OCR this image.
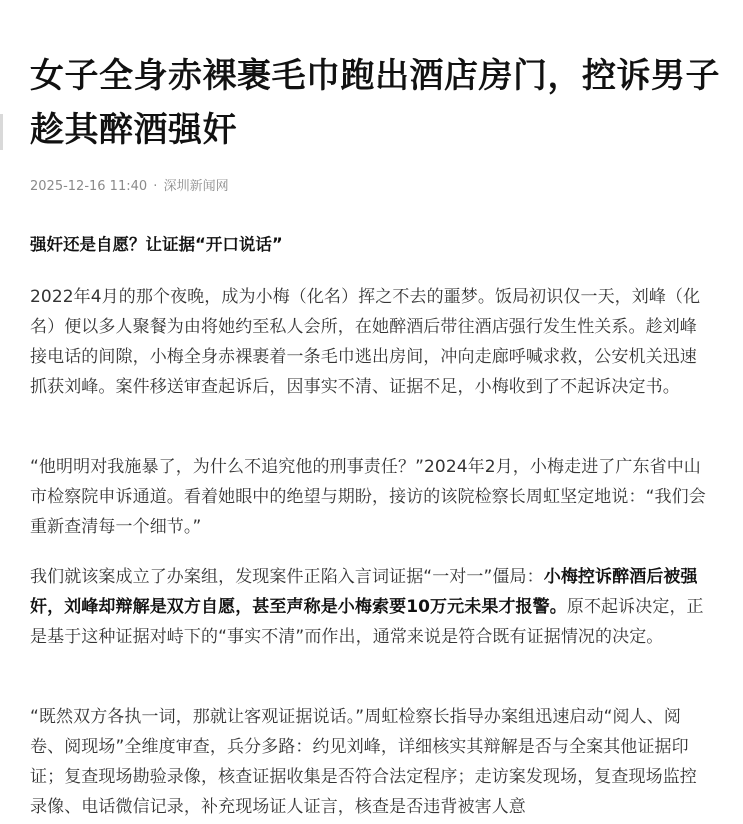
女子全身赤裸裹毛巾跑出酒店房门，控诉男子趁其醉酒强奸
2025-12-16 11:40 · 深圳新闻网
强奸还是自愿？让证据“开口说话”

2022年4月的那个夜晚，成为小梅（化名）挥之不去的噩梦。饭局初识仅一天，刘峰（化名）便以多人聚餐为由将她约至私人会所，在她醉酒后带往酒店强行发生性关系。趁刘峰接电话的间隙，小梅全身赤裸裹着一条毛巾逃出房间，冲向走廊呼喊求救，公安机关迅速抓获刘峰。案件移送审查起诉后，因事实不清、证据不足，小梅收到了不起诉决定书。

“他明明对我施暴了，为什么不追究他的刑事责任？”2024年2月，小梅走进了广东省中山市检察院申诉通道。看着她眼中的绝望与期盼，接访的该院检察长周虹坚定地说：“我们会重新查清每一个细节。”

我们就该案成立了办案组，发现案件正陷入言词证据“一对一”僵局：小梅控诉醉酒后被强奸，刘峰却辩解是双方自愿，甚至声称是小梅索要10万元未果才报警。原不起诉决定，正是基于这种证据对峙下的“事实不清”而作出，通常来说是符合既有证据情况的决定。

“既然双方各执一词，那就让客观证据说话。”周虹检察长指导办案组迅速启动“阅人、阅卷、阅现场”全维度审查，兵分多路：约见刘峰，详细核实其辩解是否与全案其他证据印证；复查现场勘验录像，核查证据收集是否符合法定程序；走访案发现场，复查现场监控录像、电话微信记录，补充现场证人证言，核查是否违背被害人意
